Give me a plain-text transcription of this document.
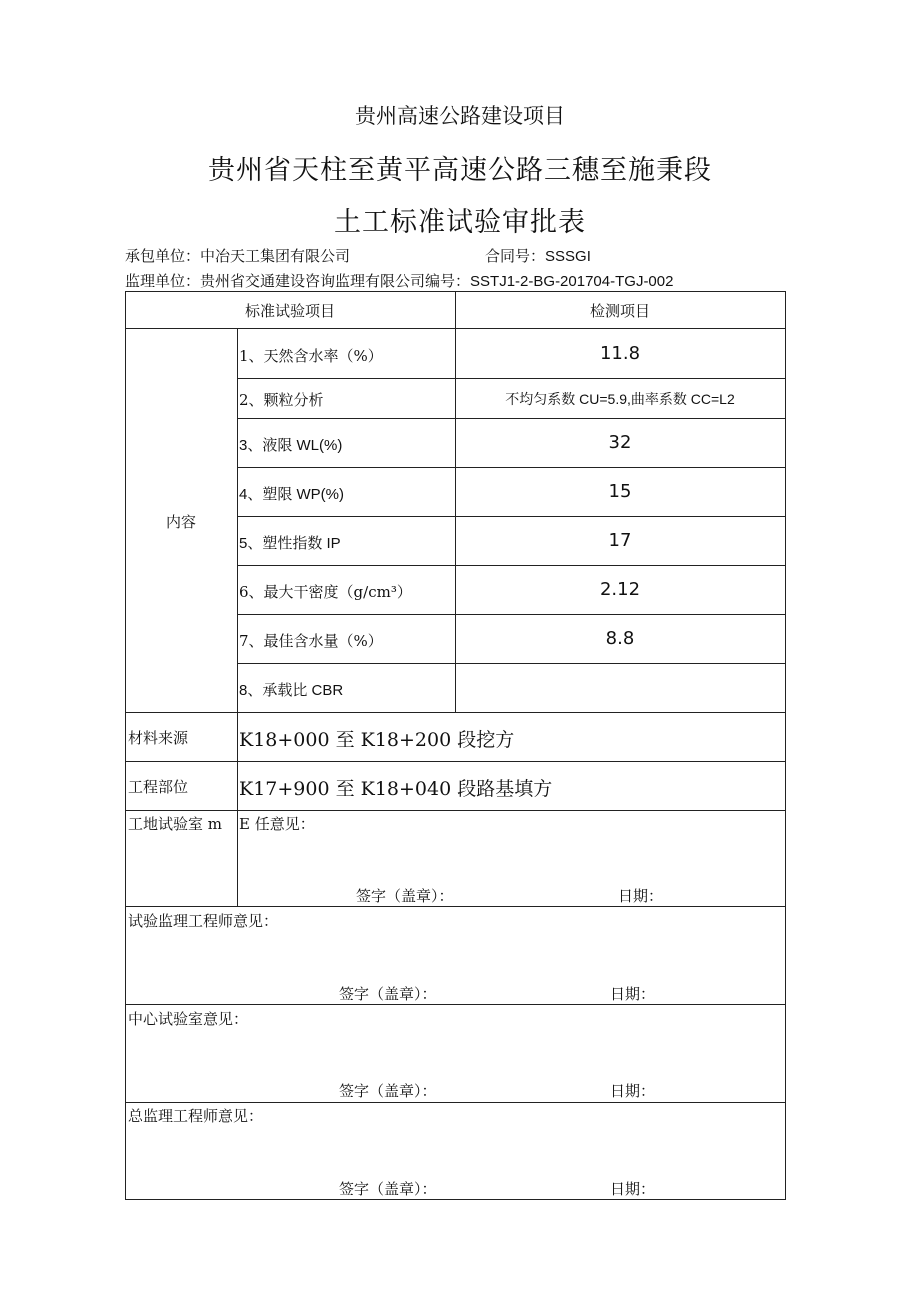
贵州高速公路建设项目
贵州省天柱至黄平高速公路三穗至施秉段
土工标准试验审批表
承包单位：中冶天工集团有限公司	合同号：SSSGI
监理单位：贵州省交通建设咨询监理有限公司编号：SSTJ1-2-BG-201704-TGJ-002
标准试验项目	检测项目
内容
1、天然含水率（%）	11.8
2、颗粒分析	不均匀系数 CU=5.9,曲率系数 CC=L2
3、液限 WL(%)	32
4、塑限 WP(%)	15
5、塑性指数 IP	17
6、最大干密度（g∕cm³）	2.12
7、最佳含水量（%）	8.8
8、承载比 CBR
材料来源	K18+000 至 K18+200 段挖方
工程部位	K17+900 至 K18+040 段路基填方
工地试验室 m E 任意见：
签字（盖章）：	日期：
试验监理工程师意见：
签字（盖章）：	日期：
中心试验室意见：
签字（盖章）：	日期：
总监理工程师意见：
签字（盖章）：	日期：
